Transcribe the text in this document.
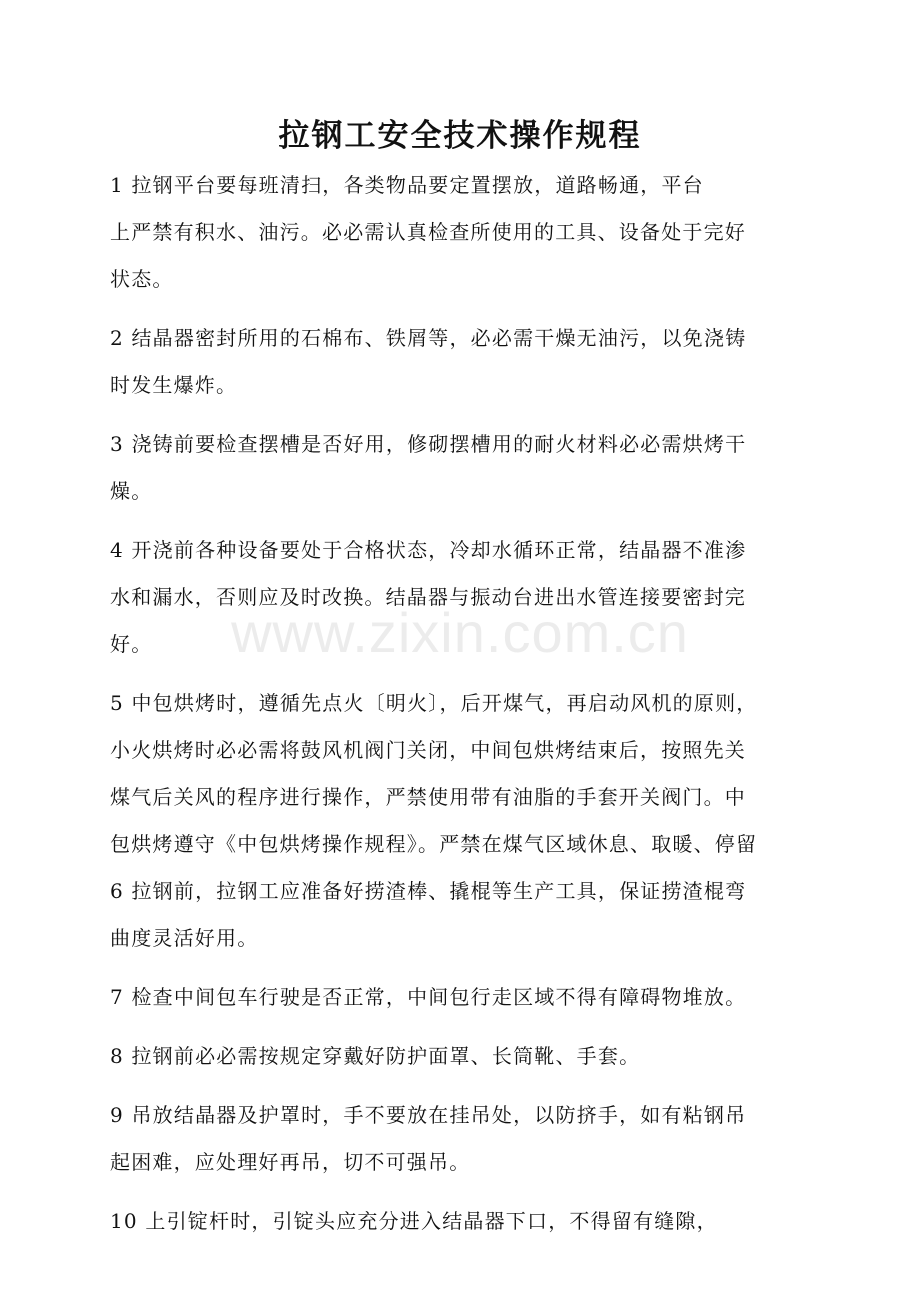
www.zixin.com.cn
拉钢工安全技术操作规程
1 拉钢平台要每班清扫，各类物品要定置摆放，道路畅通，平台
上严禁有积水、油污。必必需认真检查所使用的工具、设备处于完好
状态。
2 结晶器密封所用的石棉布、铁屑等，必必需干燥无油污，以免浇铸
时发生爆炸。
3 浇铸前要检查摆槽是否好用，修砌摆槽用的耐火材料必必需烘烤干
燥。
4 开浇前各种设备要处于合格状态，冷却水循环正常，结晶器不准渗
水和漏水，否则应及时改换。结晶器与振动台进出水管连接要密封完
好。
5 中包烘烤时，遵循先点火〔明火〕，后开煤气，再启动风机的原则，
小火烘烤时必必需将鼓风机阀门关闭，中间包烘烤结束后，按照先关
煤气后关风的程序进行操作，严禁使用带有油脂的手套开关阀门。中
包烘烤遵守《中包烘烤操作规程》。严禁在煤气区域休息、取暖、停留
6 拉钢前，拉钢工应准备好捞渣棒、撬棍等生产工具，保证捞渣棍弯
曲度灵活好用。
7 检查中间包车行驶是否正常，中间包行走区域不得有障碍物堆放。
8 拉钢前必必需按规定穿戴好防护面罩、长筒靴、手套。
9 吊放结晶器及护罩时，手不要放在挂吊处，以防挤手，如有粘钢吊
起困难，应处理好再吊，切不可强吊。
10 上引锭杆时，引锭头应充分进入结晶器下口，不得留有缝隙，
